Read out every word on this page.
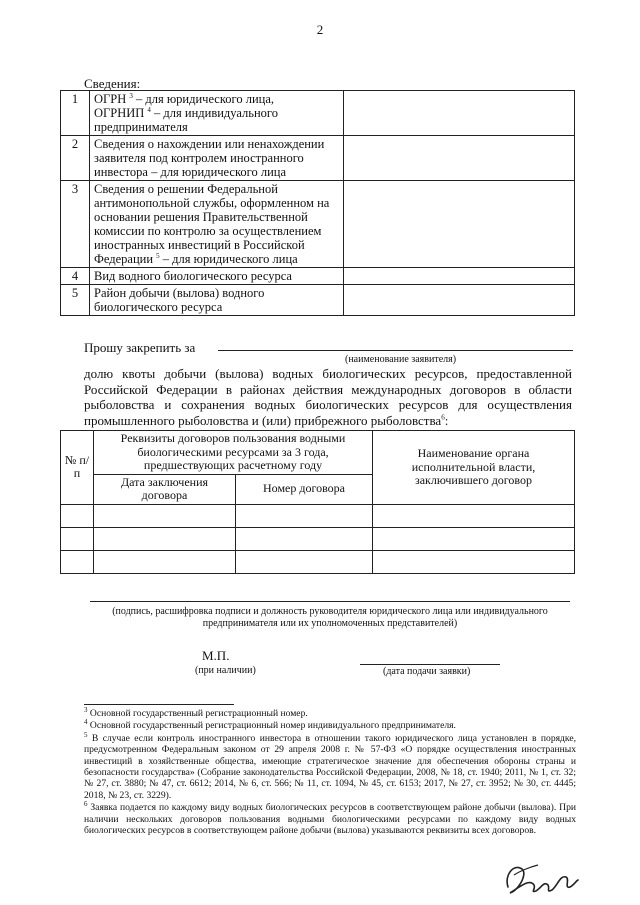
2
Сведения:
1	ОГРН $^3$ – для юридического лица,
ОГРНИП $^4$ – для индивидуального предпринимателя	
2	Сведения о нахождении или ненахождении заявителя под контролем иностранного инвестора – для юридического лица	
3	Сведения о решении Федеральной антимонопольной службы, оформленном на основании решения Правительственной комиссии по контролю за осуществлением иностранных инвестиций в Российской Федерации $^5$ – для юридического лица	
4	Вид водного биологического ресурса	
5	Район добычи (вылова) водного биологического ресурса	
Прошу закрепить за
(наименование заявителя)
долю квоты добычи (вылова) водных биологических ресурсов, предоставленной Российской Федерации в районах действия международных договоров в области рыболовства и сохранения водных биологических ресурсов для осуществления промышленного рыболовства и (или) прибрежного рыболовства$^6$:
№ п/п	Реквизиты договоров пользования водными биологическими ресурсами за 3 года, предшествующих расчетному году		Наименование органа исполнительной власти, заключившего договор
	Дата заключения договора	Номер договора	

(подпись, расшифровка подписи и должность руководителя юридического лица или индивидуального предпринимателя или их уполномоченных представителей)
М.П.
(при наличии)	(дата подачи заявки)

$^3$ Основной государственный регистрационный номер.

$^4$ Основной государственный регистрационный номер индивидуального предпринимателя.

$^5$ В случае если контроль иностранного инвестора в отношении такого юридического лица установлен в порядке, предусмотренном Федеральным законом от 29 апреля 2008 г. № 57-ФЗ «О порядке осуществления иностранных инвестиций в хозяйственные общества, имеющие стратегическое значение для обеспечения обороны страны и безопасности государства» (Собрание законодательства Российской Федерации, 2008, № 18, ст. 1940; 2011, № 1, ст. 32; № 27, ст. 3880; № 47, ст. 6612; 2014, № 6, ст. 566; № 11, ст. 1094, № 45, ст. 6153; 2017, № 27, ст. 3952; № 30, ст. 4445; 2018, № 23, ст. 3229).

$^6$ Заявка подается по каждому виду водных биологических ресурсов в соответствующем районе добычи (вылова). При наличии нескольких договоров пользования водными биологическими ресурсами по каждому виду водных биологических ресурсов в соответствующем районе добычи (вылова) указываются реквизиты всех договоров.
